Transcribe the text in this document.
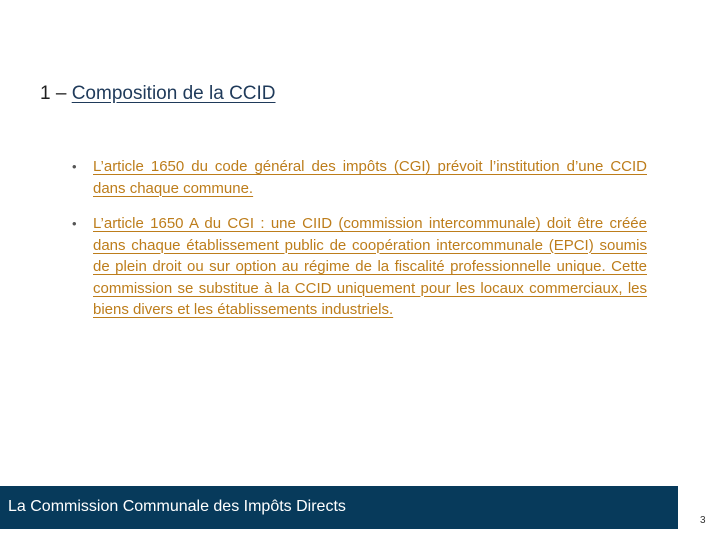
1 – Composition de la CCID
• L’article 1650 du code général des impôts (CGI) prévoit l’institution d’une CCID dans chaque commune.
• L’article 1650 A du CGI : une CIID (commission intercommunale) doit être créée dans chaque établissement public de coopération intercommunale (EPCI) soumis de plein droit ou sur option au régime de la fiscalité professionnelle unique. Cette commission se substitue à la CCID uniquement pour les locaux commerciaux, les biens divers et les établissements industriels.
La Commission Communale des Impôts Directs
3
